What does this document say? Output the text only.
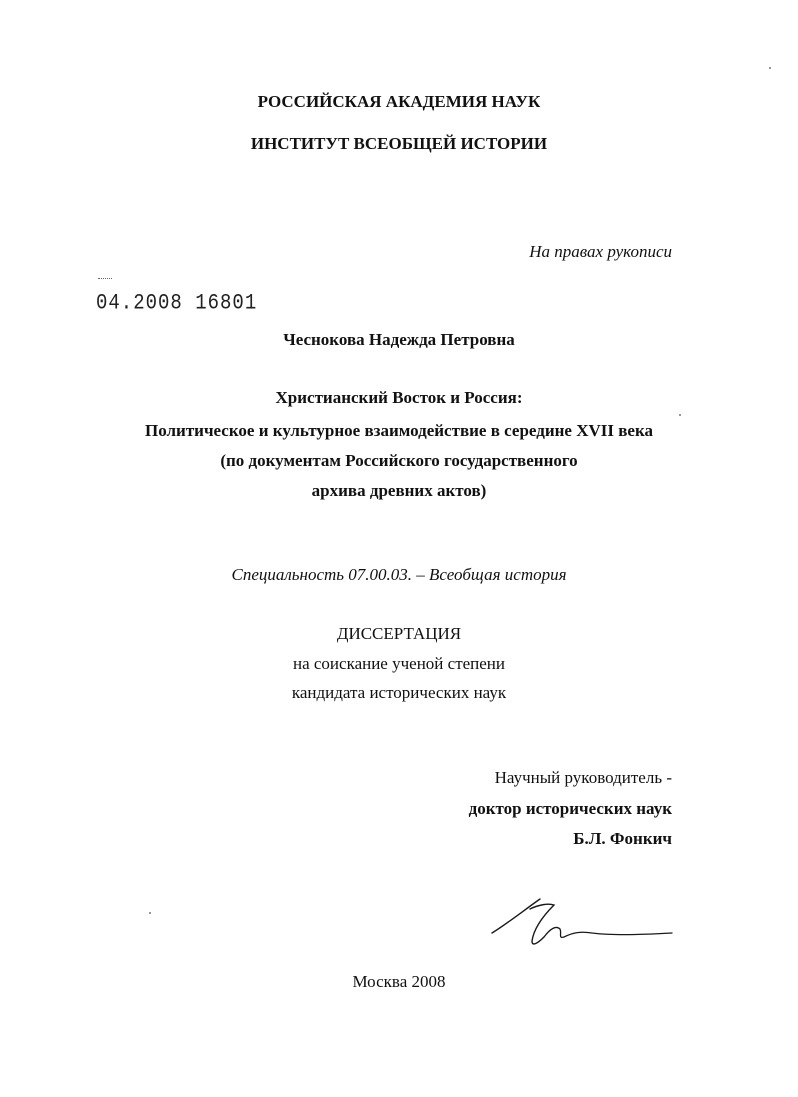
РОССИЙСКАЯ АКАДЕМИЯ НАУК
ИНСТИТУТ ВСЕОБЩЕЙ ИСТОРИИ
На правах рукописи
04.2008 16801
Чеснокова Надежда Петровна
Христианский Восток и Россия:
Политическое и культурное взаимодействие в середине XVII века
(по документам Российского государственного
архива древних актов)
Специальность 07.00.03. – Всеобщая история
ДИССЕРТАЦИЯ
на соискание ученой степени
кандидата исторических наук
Научный руководитель -
доктор исторических наук
Б.Л. Фонкич
Москва 2008
